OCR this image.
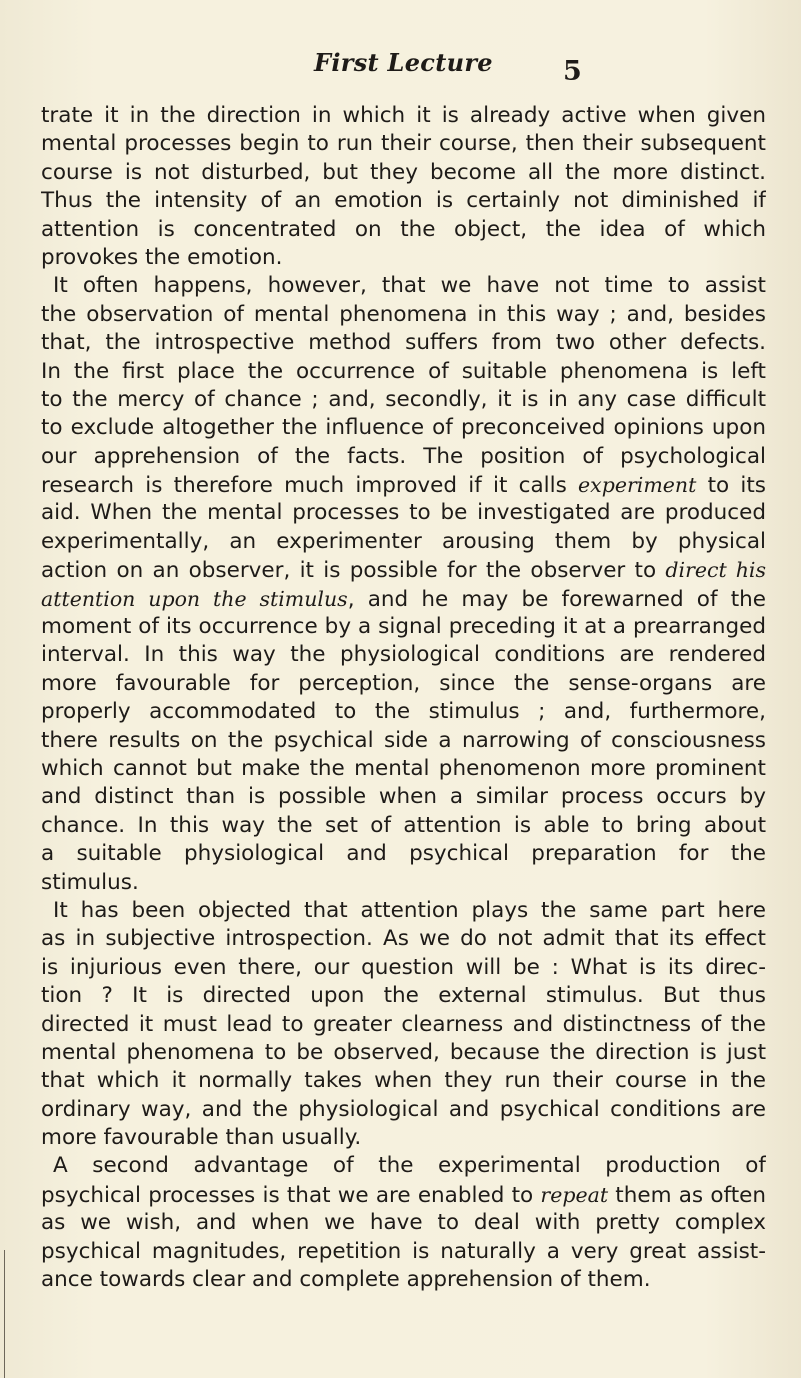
First Lecture	5
trate it in the direction in which it is already active when given
mental processes begin to run their course, then their subsequent
course is not disturbed, but they become all the more distinct.
Thus the intensity of an emotion is certainly not diminished if
attention is concentrated on the object, the idea of which
provokes the emotion.
It often happens, however, that we have not time to assist
the observation of mental phenomena in this way ; and, besides
that, the introspective method suffers from two other defects.
In the first place the occurrence of suitable phenomena is left
to the mercy of chance ; and, secondly, it is in any case difficult
to exclude altogether the influence of preconceived opinions upon
our apprehension of the facts. The position of psychological
research is therefore much improved if it calls experiment to its
aid. When the mental processes to be investigated are produced
experimentally, an experimenter arousing them by physical
action on an observer, it is possible for the observer to direct his
attention upon the stimulus, and he may be forewarned of the
moment of its occurrence by a signal preceding it at a prearranged
interval. In this way the physiological conditions are rendered
more favourable for perception, since the sense-organs are
properly accommodated to the stimulus ; and, furthermore,
there results on the psychical side a narrowing of consciousness
which cannot but make the mental phenomenon more prominent
and distinct than is possible when a similar process occurs by
chance. In this way the set of attention is able to bring about
a suitable physiological and psychical preparation for the
stimulus.
It has been objected that attention plays the same part here
as in subjective introspection. As we do not admit that its effect
is injurious even there, our question will be : What is its direc-
tion ? It is directed upon the external stimulus. But thus
directed it must lead to greater clearness and distinctness of the
mental phenomena to be observed, because the direction is just
that which it normally takes when they run their course in the
ordinary way, and the physiological and psychical conditions are
more favourable than usually.
A second advantage of the experimental production of
psychical processes is that we are enabled to repeat them as often
as we wish, and when we have to deal with pretty complex
psychical magnitudes, repetition is naturally a very great assist-
ance towards clear and complete apprehension of them.
